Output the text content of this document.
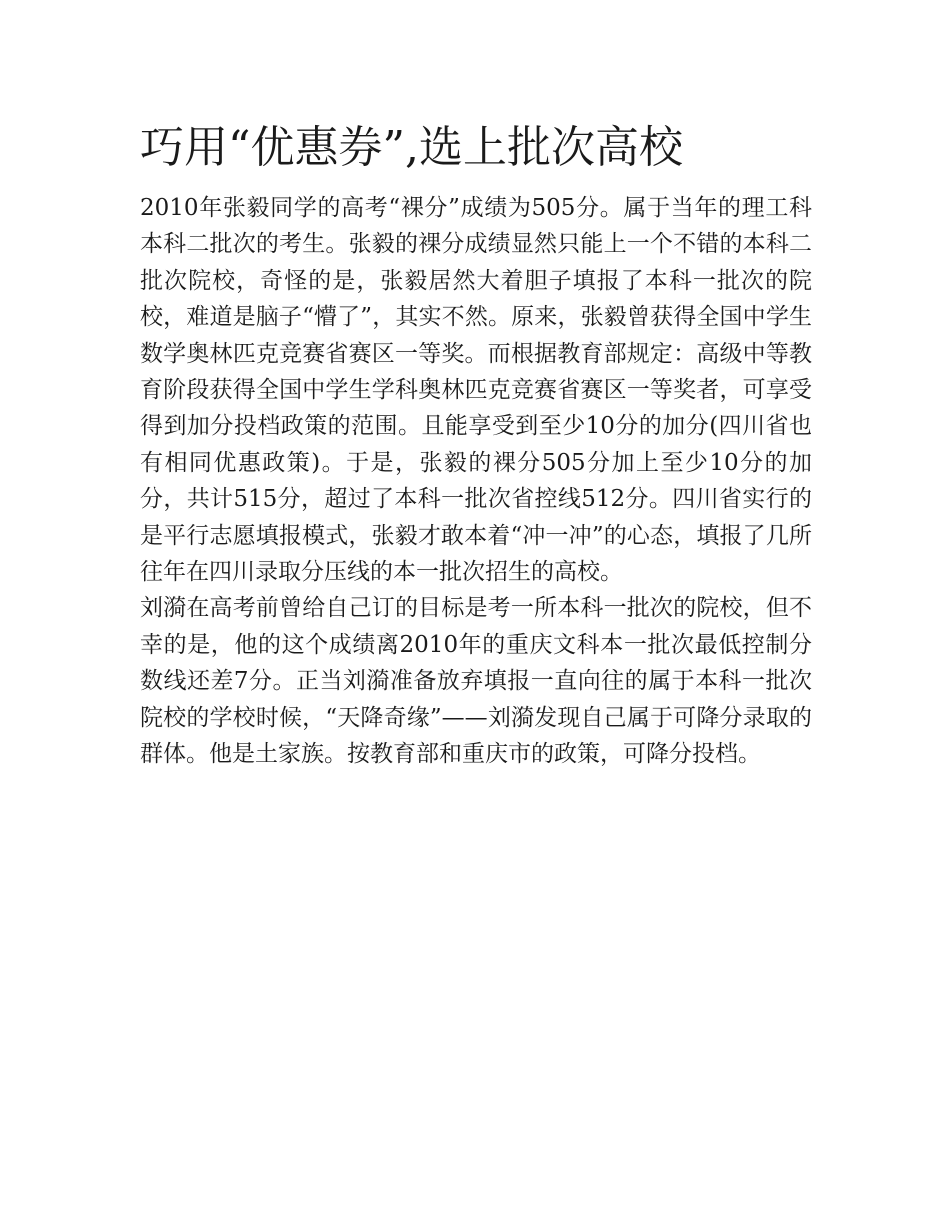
巧用“优惠券”,选上批次高校

2010年张毅同学的高考“裸分”成绩为505分。属于当年的理工科本科二批次的考生。张毅的裸分成绩显然只能上一个不错的本科二批次院校，奇怪的是，张毅居然大着胆子填报了本科一批次的院校，难道是脑子“懵了”，其实不然。原来，张毅曾获得全国中学生数学奥林匹克竞赛省赛区一等奖。而根据教育部规定：高级中等教育阶段获得全国中学生学科奥林匹克竞赛省赛区一等奖者，可享受得到加分投档政策的范围。且能享受到至少10分的加分(四川省也有相同优惠政策)。于是，张毅的裸分505分加上至少10分的加分，共计515分，超过了本科一批次省控线512分。四川省实行的是平行志愿填报模式，张毅才敢本着“冲一冲”的心态，填报了几所往年在四川录取分压线的本一批次招生的高校。

刘漪在高考前曾给自己订的目标是考一所本科一批次的院校，但不幸的是，他的这个成绩离2010年的重庆文科本一批次最低控制分数线还差7分。正当刘漪准备放弃填报一直向往的属于本科一批次院校的学校时候，“天降奇缘”——刘漪发现自己属于可降分录取的群体。他是土家族。按教育部和重庆市的政策，可降分投档。
